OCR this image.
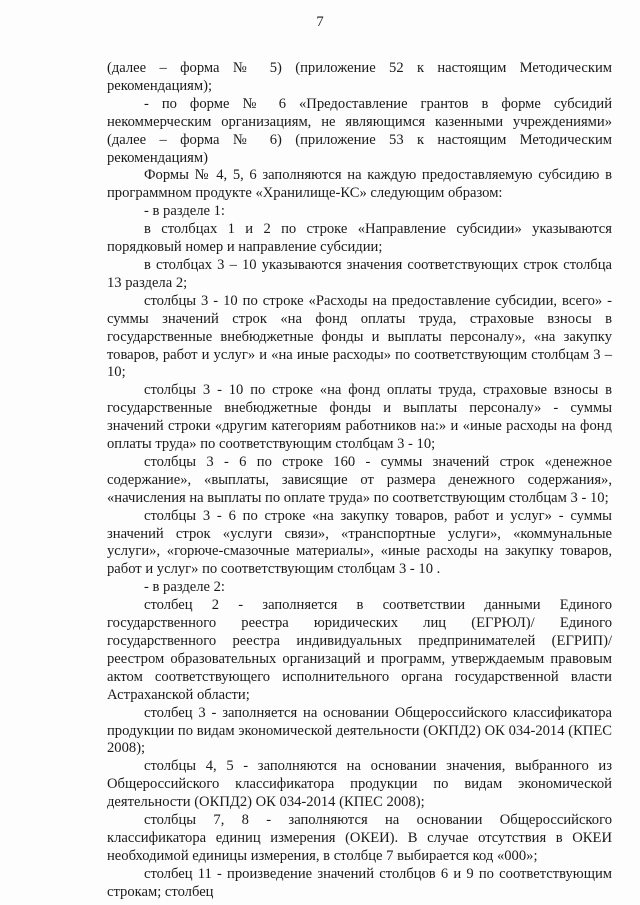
7

(далее – форма № 5) (приложение 52 к настоящим Методическим рекомендациям);

- по форме № 6 «Предоставление грантов в форме субсидий некоммерческим организациям, не являющимся казенными учреждениями» (далее – форма № 6) (приложение 53 к настоящим Методическим рекомендациям)

Формы № 4, 5, 6 заполняются на каждую предоставляемую субсидию в программном продукте «Хранилище-КС» следующим образом:

- в разделе 1:

в столбцах 1 и 2 по строке «Направление субсидии» указываются порядковый номер и направление субсидии;

в столбцах 3 – 10 указываются значения соответствующих строк столбца 13 раздела 2;

столбцы 3 - 10 по строке «Расходы на предоставление субсидии, всего» - суммы значений строк «на фонд оплаты труда, страховые взносы в государственные внебюджетные фонды и выплаты персоналу», «на закупку товаров, работ и услуг» и «на иные расходы» по соответствующим столбцам 3 – 10;

столбцы 3 - 10 по строке «на фонд оплаты труда, страховые взносы в государственные внебюджетные фонды и выплаты персоналу» - суммы значений строки «другим категориям работников на:» и «иные расходы на фонд оплаты труда» по соответствующим столбцам 3 - 10;

столбцы 3 - 6 по строке 160 - суммы значений строк «денежное содержание», «выплаты, зависящие от размера денежного содержания», «начисления на выплаты по оплате труда» по соответствующим столбцам 3 - 10;

столбцы 3 - 6 по строке «на закупку товаров, работ и услуг» - суммы значений строк «услуги связи», «транспортные услуги», «коммунальные услуги», «горюче-смазочные материалы», «иные расходы на закупку товаров, работ и услуг» по соответствующим столбцам 3 - 10 .

- в разделе 2:

столбец 2 - заполняется в соответствии данными Единого государственного реестра юридических лиц (ЕГРЮЛ)/ Единого государственного реестра индивидуальных предпринимателей (ЕГРИП)/ реестром образовательных организаций и программ, утверждаемым правовым актом соответствующего исполнительного органа государственной власти Астраханской области;

столбец 3 - заполняется на основании Общероссийского классификатора продукции по видам экономической деятельности (ОКПД2) ОК 034-2014 (КПЕС 2008);

столбцы 4, 5 - заполняются на основании значения, выбранного из Общероссийского классификатора продукции по видам экономической деятельности (ОКПД2) ОК 034-2014 (КПЕС 2008);

столбцы 7, 8 - заполняются на основании Общероссийского классификатора единиц измерения (ОКЕИ). В случае отсутствия в ОКЕИ необходимой единицы измерения, в столбце 7 выбирается код «000»;

столбец 11 - произведение значений столбцов 6 и 9 по соответствующим строкам; столбец
